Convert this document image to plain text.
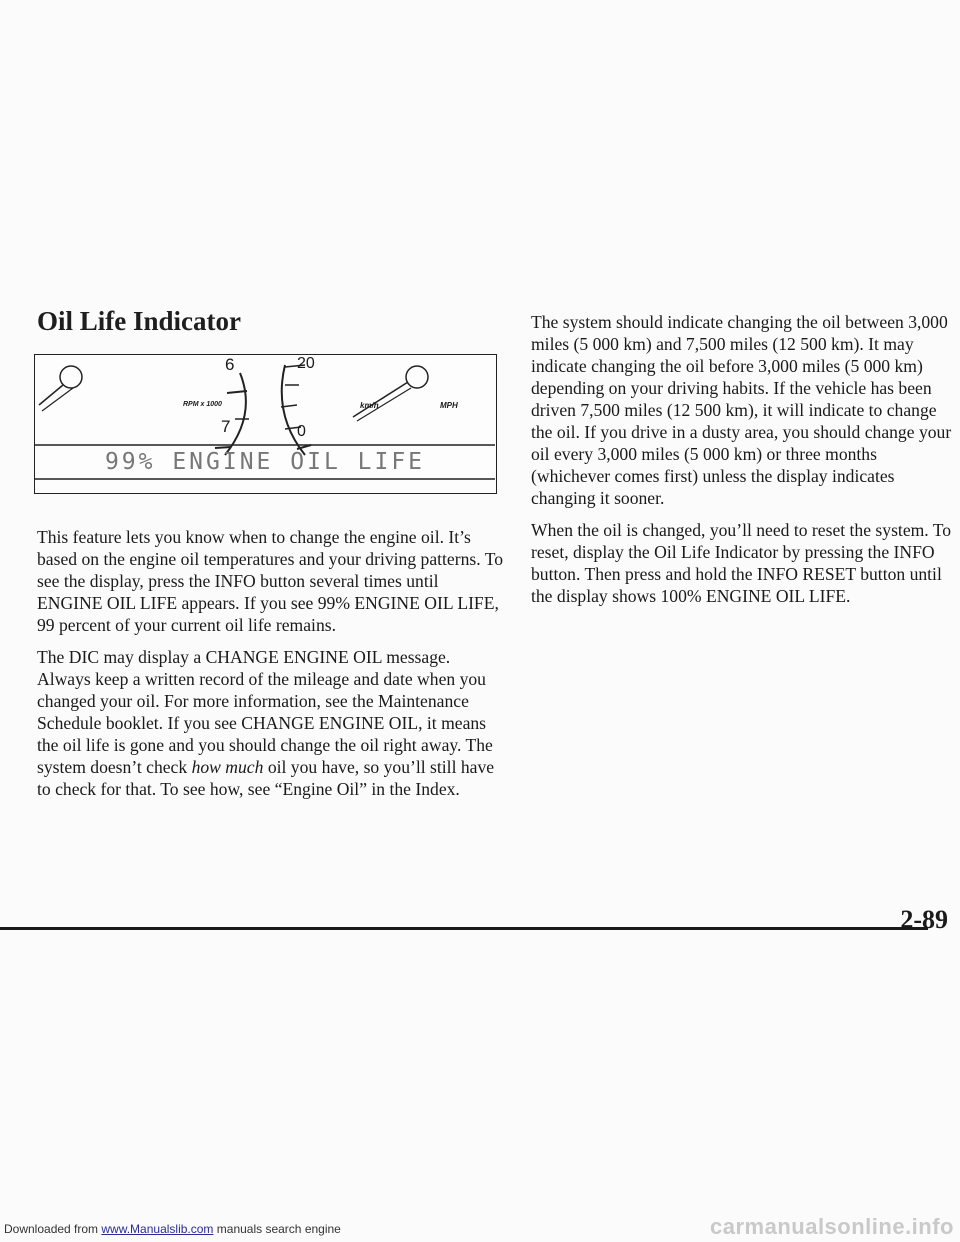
Oil Life Indicator
6
7
RPM x 1000
20
0
km/h	MPH
99% ENGINE OIL LIFE

This feature lets you know when to change the engine oil. It’s based on the engine oil temperatures and your driving patterns. To see the display, press the INFO button several times until ENGINE OIL LIFE appears. If you see 99% ENGINE OIL LIFE, 99 percent of your current oil life remains.

The DIC may display a CHANGE ENGINE OIL message. Always keep a written record of the mileage and date when you changed your oil. For more information, see the Maintenance Schedule booklet. If you see CHANGE ENGINE OIL, it means the oil life is gone and you should change the oil right away. The system doesn’t check how much oil you have, so you’ll still have to check for that. To see how, see “Engine Oil” in the Index.

The system should indicate changing the oil between 3,000 miles (5 000 km) and 7,500 miles (12 500 km). It may indicate changing the oil before 3,000 miles (5 000 km) depending on your driving habits. If the vehicle has been driven 7,500 miles (12 500 km), it will indicate to change the oil. If you drive in a dusty area, you should change your oil every 3,000 miles (5 000 km) or three months (whichever comes first) unless the display indicates changing it sooner.

When the oil is changed, you’ll need to reset the system. To reset, display the Oil Life Indicator by pressing the INFO button. Then press and hold the INFO RESET button until the display shows 100% ENGINE OIL LIFE.

2-89
Downloaded from www.Manualslib.com manuals search engine	carmanualsonline.info
